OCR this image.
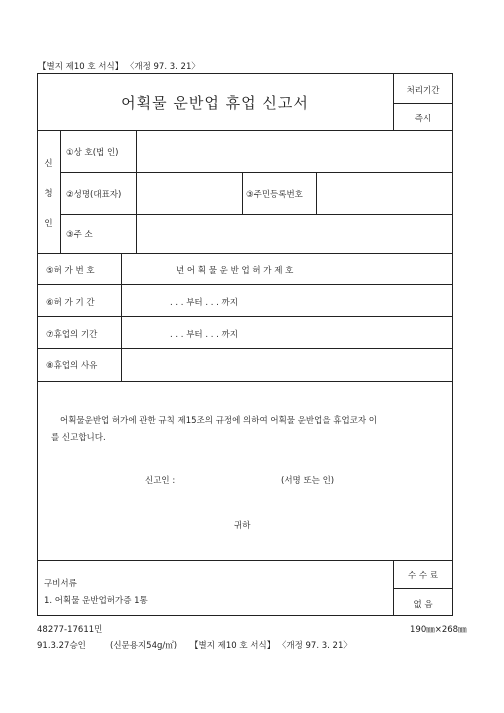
【별지 제10 호 서식】 〈개정 97. 3. 21〉
어획물 운반업 휴업 신고서
처리기간
즉시
신
청
인
①상 호(법 인)
②성명(대표자)	③주민등록번호
③주 소
⑤허 가 번 호	년 어 획 물 운 반 업 허 가 제 호
⑥허 가 기 간	. . . 부터 . . . 까지
⑦휴업의 기간	. . . 부터 . . . 까지
⑧휴업의 사유
어획물운반업 허가에 관한 규칙 제15조의 규정에 의하여 어획물 운반업을 휴업코자 이
를 신고합니다.
신고인 :	(서명 또는 인)
귀하
구비서류
1. 어획물 운반업허가증 1통
수 수 료
없 음
48277-17611민	190㎜×268㎜
91.3.27승인	(신문용지54g/㎡) 【별지 제10 호 서식】 〈개정 97. 3. 21〉
